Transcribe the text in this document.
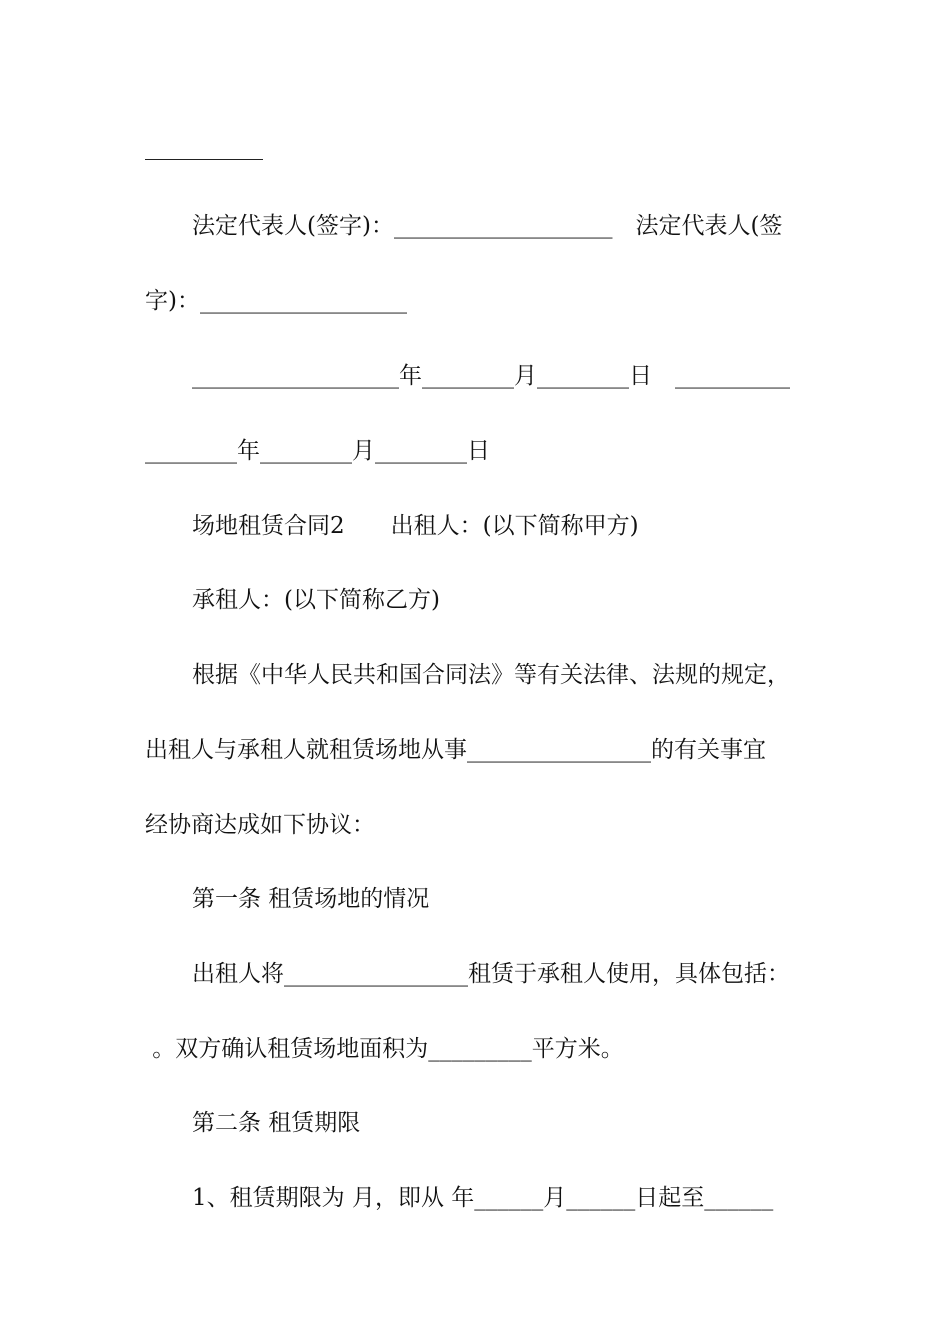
法定代表人(签字)：___________________　法定代表人(签

字)：__________________

__________________年________月________日　__________

________年________月________日

场地租赁合同2　　出租人：(以下简称甲方)

承租人：(以下简称乙方)

根据《中华人民共和国合同法》等有关法律、法规的规定，

出租人与承租人就租赁场地从事________________的有关事宜

经协商达成如下协议：

第一条 租赁场地的情况

出租人将________________租赁于承租人使用，具体包括：

。双方确认租赁场地面积为_________平方米。

第二条 租赁期限

1、租赁期限为 月，即从 年______月______日起至______
